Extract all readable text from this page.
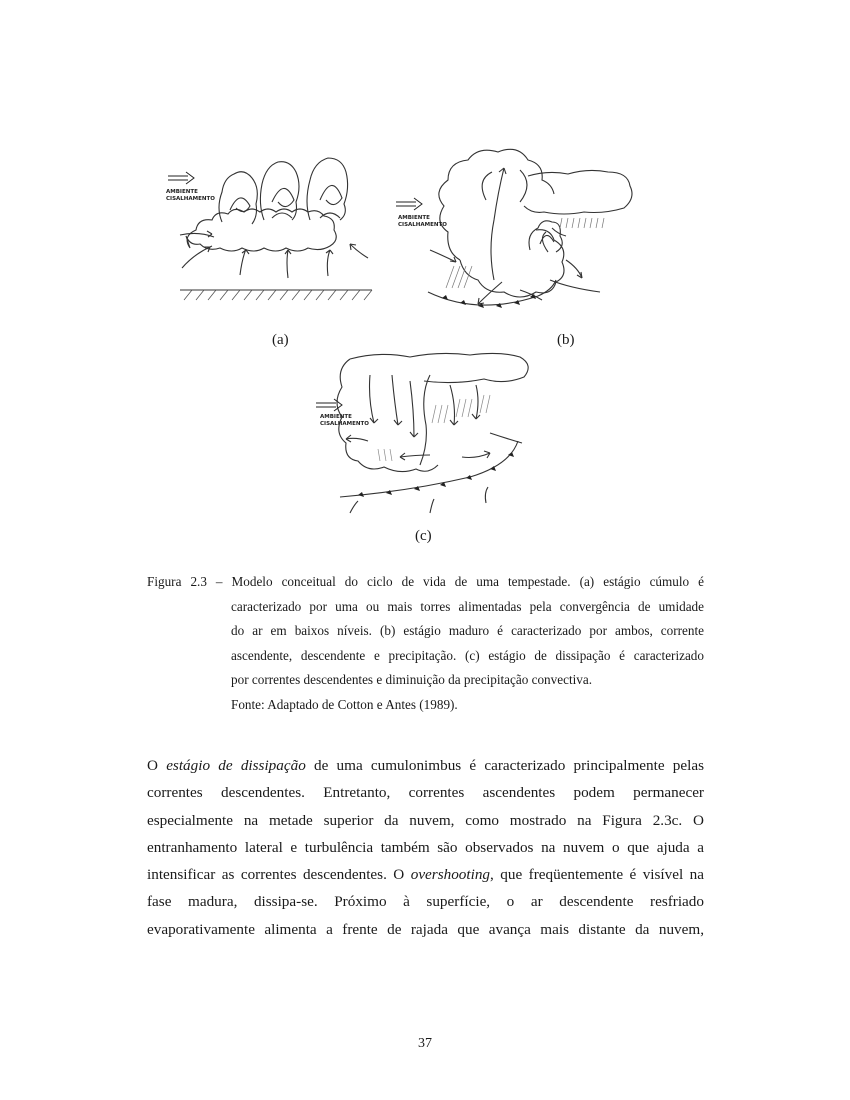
AMBIENTE
CISALHAMENTO
AMBIENTE
CISALHAMENTO
(a)	(b)
AMBIENTE
CISALHAMENTO
(c)
Figura 2.3 – Modelo conceitual do ciclo de vida de uma tempestade. (a) estágio cúmulo é
caracterizado por uma ou mais torres alimentadas pela convergência de umidade
do ar em baixos níveis. (b) estágio maduro é caracterizado por ambos, corrente
ascendente, descendente e precipitação. (c) estágio de dissipação é caracterizado
por correntes descendentes e diminuição da precipitação convectiva.
Fonte: Adaptado de Cotton e Antes (1989).
O estágio de dissipação de uma cumulonimbus é caracterizado principalmente pelas
correntes descendentes. Entretanto, correntes ascendentes podem permanecer
especialmente na metade superior da nuvem, como mostrado na Figura 2.3c. O
entranhamento lateral e turbulência também são observados na nuvem o que ajuda a
intensificar as correntes descendentes. O overshooting, que freqüentemente é visível na
fase madura, dissipa-se. Próximo à superfície, o ar descendente resfriado
evaporativamente alimenta a frente de rajada que avança mais distante da nuvem,
37
